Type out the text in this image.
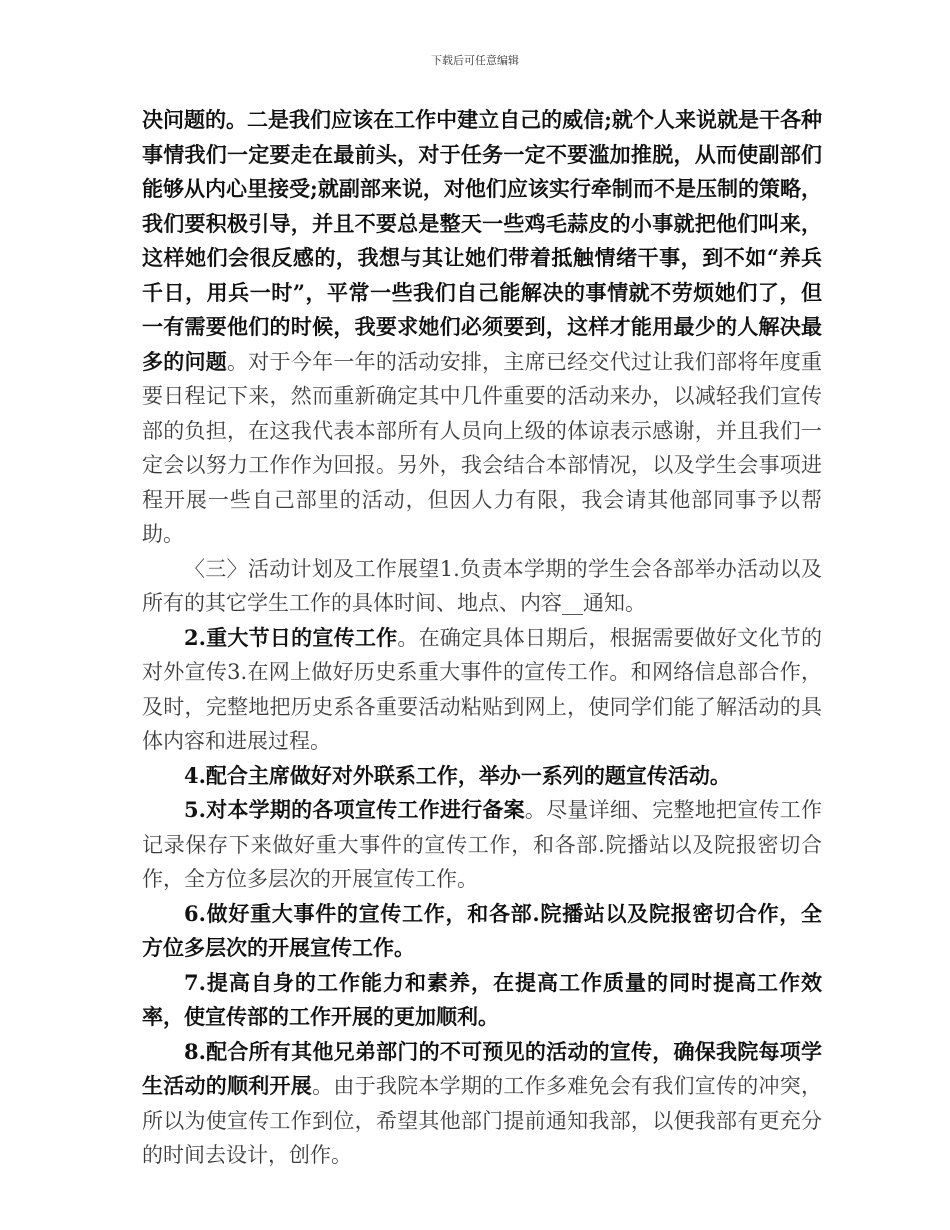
下载后可任意编辑

决问题的。二是我们应该在工作中建立自己的威信;就个人来说就是干各种事情我们一定要走在最前头，对于任务一定不要滥加推脱，从而使副部们能够从内心里接受;就副部来说，对他们应该实行牵制而不是压制的策略，我们要积极引导，并且不要总是整天一些鸡毛蒜皮的小事就把他们叫来，这样她们会很反感的，我想与其让她们带着抵触情绪干事，到不如“养兵千日，用兵一时”，平常一些我们自己能解决的事情就不劳烦她们了，但一有需要他们的时候，我要求她们必须要到，这样才能用最少的人解决最多的问题。对于今年一年的活动安排，主席已经交代过让我们部将年度重要日程记下来，然而重新确定其中几件重要的活动来办，以减轻我们宣传部的负担，在这我代表本部所有人员向上级的体谅表示感谢，并且我们一定会以努力工作作为回报。另外，我会结合本部情况，以及学生会事项进程开展一些自己部里的活动，但因人力有限，我会请其他部同事予以帮助。

〈三〉活动计划及工作展望1.负责本学期的学生会各部举办活动以及所有的其它学生工作的具体时间、地点、内容__通知。

2.重大节日的宣传工作。在确定具体日期后，根据需要做好文化节的对外宣传3.在网上做好历史系重大事件的宣传工作。和网络信息部合作，及时，完整地把历史系各重要活动粘贴到网上，使同学们能了解活动的具体内容和进展过程。

4.配合主席做好对外联系工作，举办一系列的题宣传活动。

5.对本学期的各项宣传工作进行备案。尽量详细、完整地把宣传工作记录保存下来做好重大事件的宣传工作，和各部.院播站以及院报密切合作，全方位多层次的开展宣传工作。

6.做好重大事件的宣传工作，和各部.院播站以及院报密切合作，全方位多层次的开展宣传工作。

7.提高自身的工作能力和素养，在提高工作质量的同时提高工作效率，使宣传部的工作开展的更加顺利。

8.配合所有其他兄弟部门的不可预见的活动的宣传，确保我院每项学生活动的顺利开展。由于我院本学期的工作多难免会有我们宣传的冲突，所以为使宣传工作到位，希望其他部门提前通知我部，以便我部有更充分的时间去设计，创作。
